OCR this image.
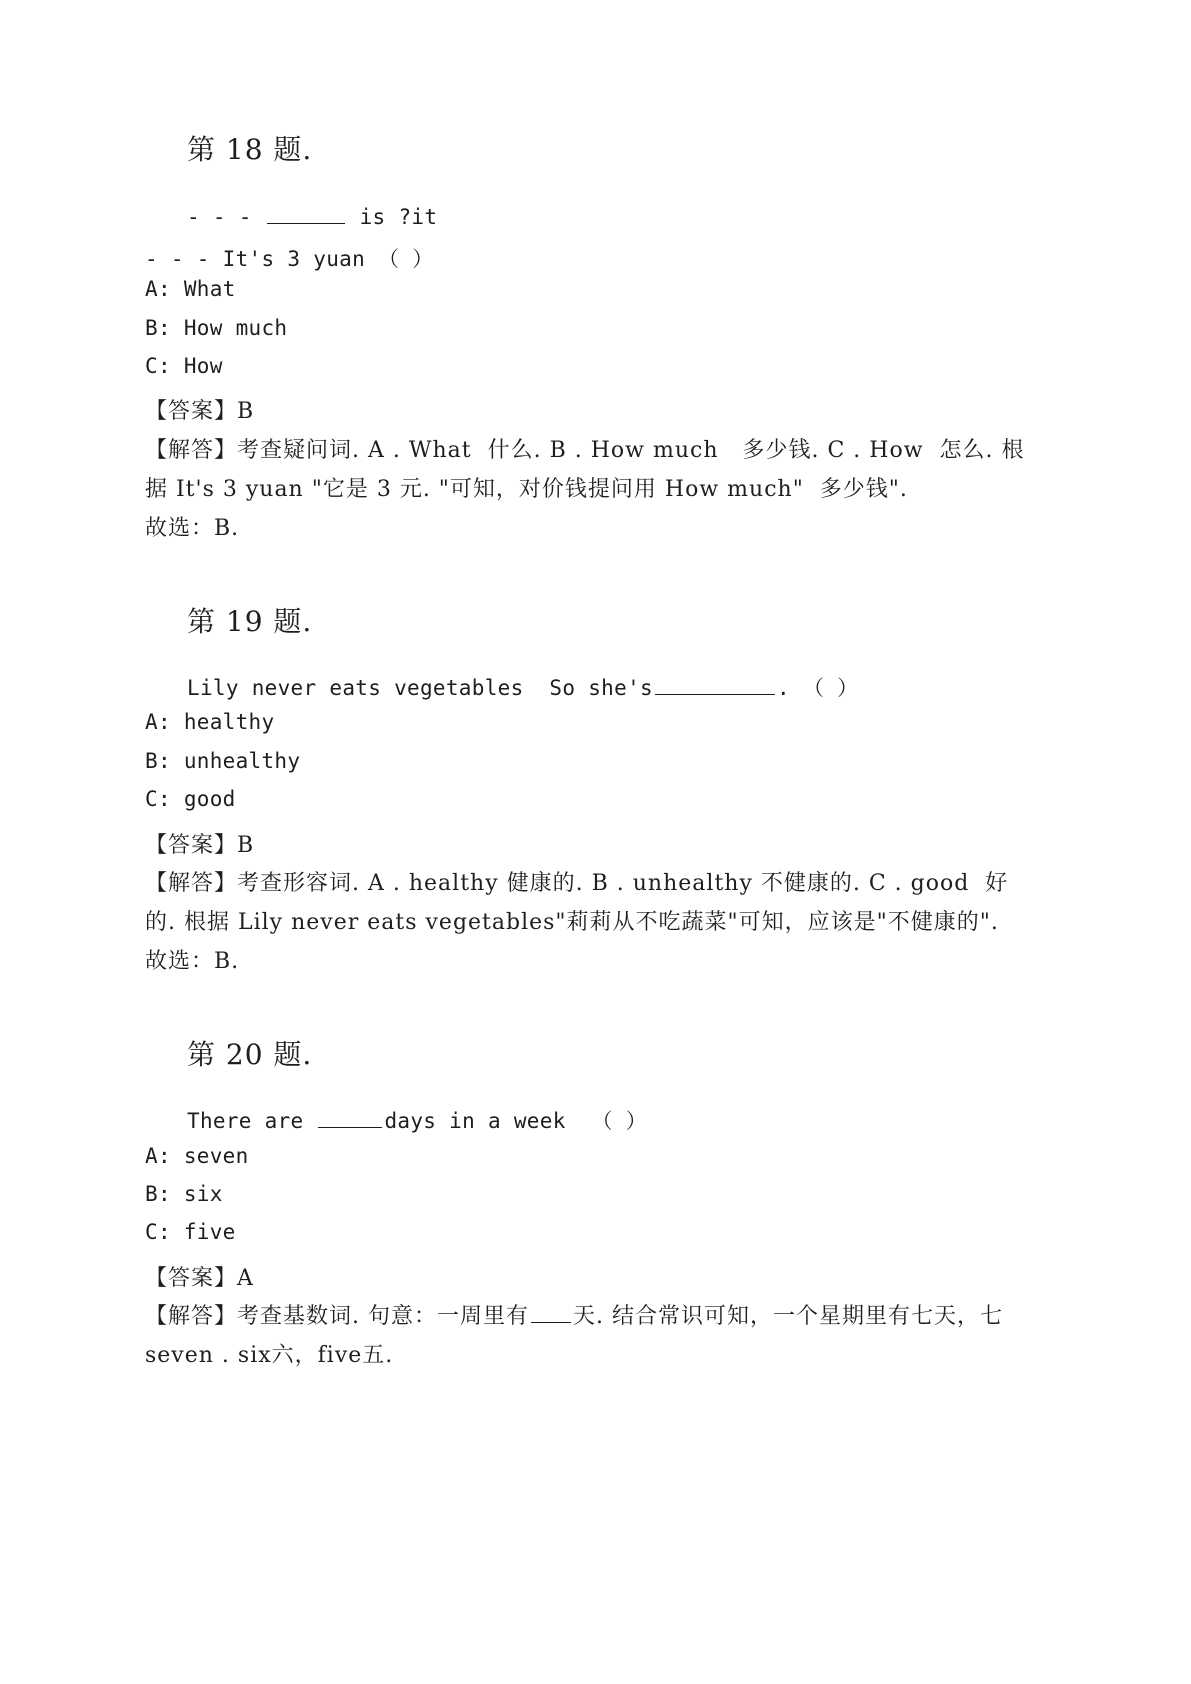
第 18 题.
- - -	is ?it
- - - It's 3 yuan （ ）
A: What
B: How much
C: How
【答案】B
【解答】考查疑问词. A . What  什么. B . How much   多少钱. C . How  怎么. 根
据 It's 3 yuan "它是 3 元. "可知，对价钱提问用 How much"  多少钱".
故选：B.
第 19 题.
Lily never eats vegetables  So she's	. （ ）
A: healthy
B: unhealthy
C: good
【答案】B
【解答】考查形容词. A . healthy 健康的. B . unhealthy 不健康的. C . good  好
的. 根据 Lily never eats vegetables"莉莉从不吃蔬菜"可知，应该是"不健康的".
故选：B.
第 20 题.
There are	days in a week  （ ）
A: seven
B: six
C: five
【答案】A
【解答】考查基数词. 句意：一周里有 天. 结合常识可知，一个星期里有七天，七
seven . six六，five五.
